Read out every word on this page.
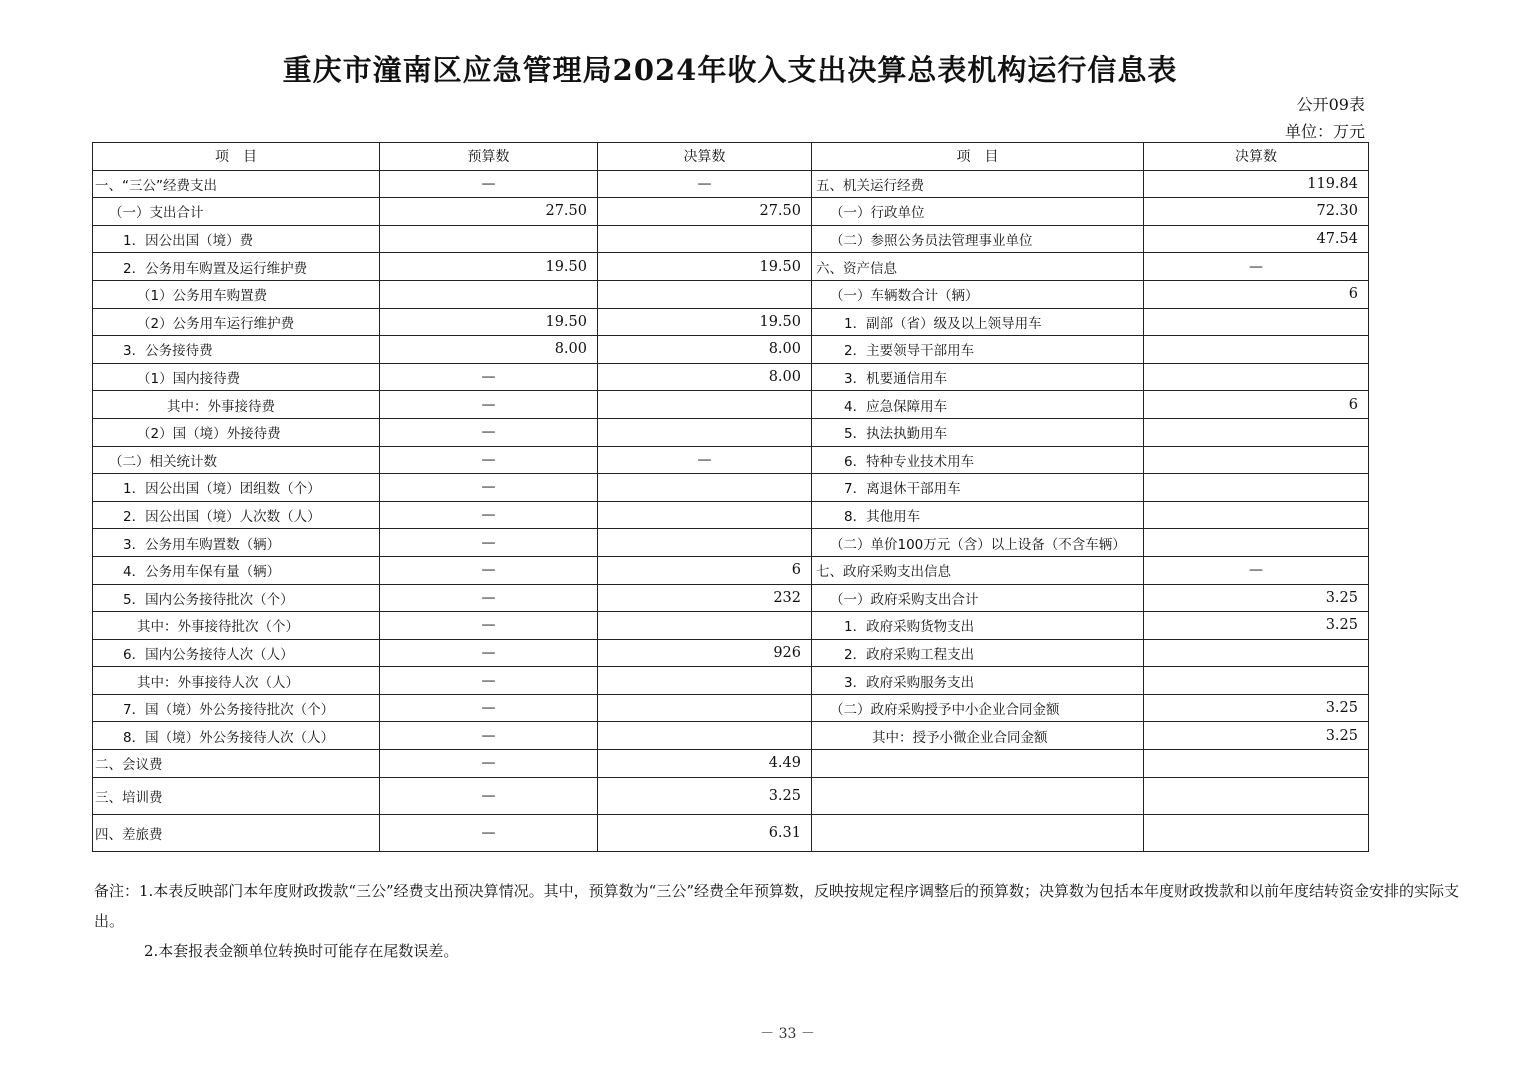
重庆市潼南区应急管理局2024年收入支出决算总表机构运行信息表
公开09表
单位：万元
项　目	预算数	决算数	项　目	决算数
一、“三公”经费支出	—	—	五、机关运行经费	119.84
（一）支出合计	27.50	27.50	（一）行政单位	72.30
1．因公出国（境）费			（二）参照公务员法管理事业单位	47.54
2．公务用车购置及运行维护费	19.50	19.50	六、资产信息	—
（1）公务用车购置费			（一）车辆数合计（辆）	6
（2）公务用车运行维护费	19.50	19.50	1．副部（省）级及以上领导用车	
3．公务接待费	8.00	8.00	2．主要领导干部用车	
（1）国内接待费	—	8.00	3．机要通信用车	
其中：外事接待费	—		4．应急保障用车	6
（2）国（境）外接待费	—		5．执法执勤用车	
（二）相关统计数	—	—	6．特种专业技术用车	
1．因公出国（境）团组数（个）	—		7．离退休干部用车	
2．因公出国（境）人次数（人）	—		8．其他用车	
3．公务用车购置数（辆）	—		（二）单价100万元（含）以上设备（不含车辆）	
4．公务用车保有量（辆）	—	6	七、政府采购支出信息	—
5．国内公务接待批次（个）	—	232	（一）政府采购支出合计	3.25
其中：外事接待批次（个）	—		1．政府采购货物支出	3.25
6．国内公务接待人次（人）	—	926	2．政府采购工程支出	
其中：外事接待人次（人）	—		3．政府采购服务支出	
7．国（境）外公务接待批次（个）	—		（二）政府采购授予中小企业合同金额	3.25
8．国（境）外公务接待人次（人）	—		其中：授予小微企业合同金额	3.25
二、会议费	—	4.49		
三、培训费	—	3.25		
四、差旅费	—	6.31		
备注：1.本表反映部门本年度财政拨款“三公”经费支出预决算情况。其中，预算数为“三公”经费全年预算数，反映按规定程序调整后的预算数；决算数为包括本年度财政拨款和以前年度结转资金安排的实际支出。
2.本套报表金额单位转换时可能存在尾数误差。
－ 33 －
